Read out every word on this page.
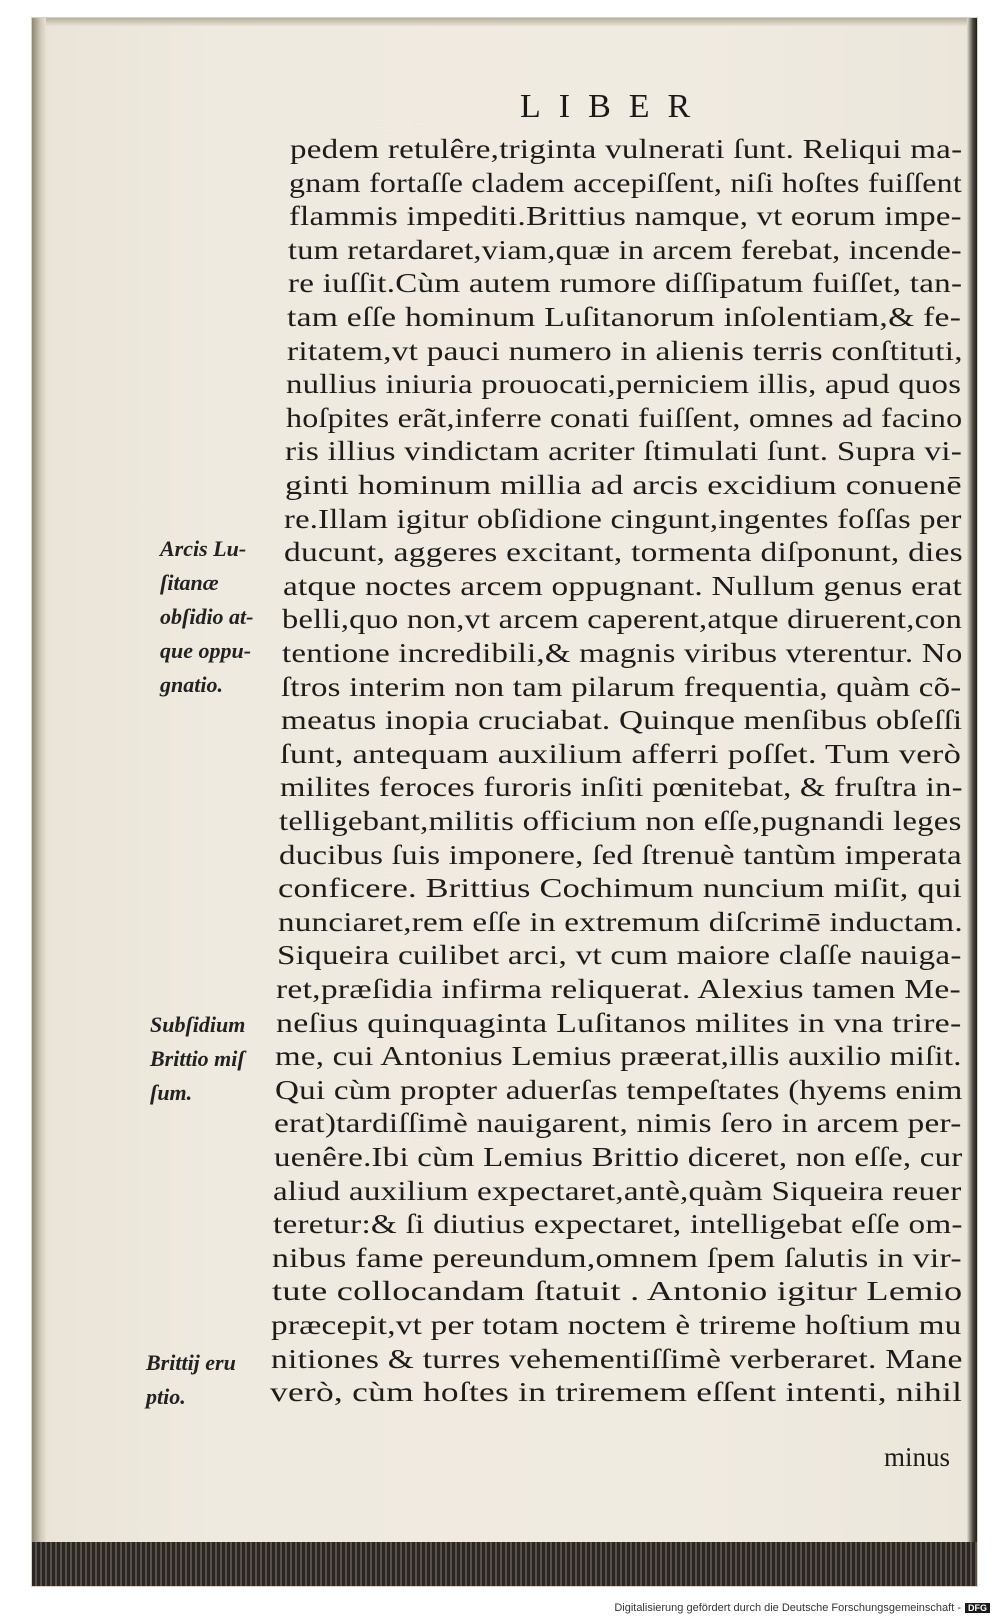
LIBER
pedem retulêre,triginta vulnerati ſunt. Reliqui ma-
gnam fortaſſe cladem accepiſſent, niſi hoſtes fuiſſent
flammis impediti.Brittius namque, vt eorum impe-
tum retardaret,viam,quæ in arcem ferebat, incende-
re iuſſit.Cùm autem rumore diſſipatum fuiſſet, tan-
tam eſſe hominum Luſitanorum inſolentiam,& fe-
ritatem,vt pauci numero in alienis terris conſtituti,
nullius iniuria prouocati,perniciem illis, apud quos
hoſpites erãt,inferre conati fuiſſent, omnes ad facino
ris illius vindictam acriter ſtimulati ſunt. Supra vi-
ginti hominum millia ad arcis excidium conuenē
re.Illam igitur obſidione cingunt,ingentes foſſas per
ducunt, aggeres excitant, tormenta diſponunt, dies
atque noctes arcem oppugnant. Nullum genus erat
belli,quo non,vt arcem caperent,atque diruerent,con
tentione incredibili,& magnis viribus vterentur. No
ſtros interim non tam pilarum frequentia, quàm cõ-
meatus inopia cruciabat. Quinque menſibus obſeſſi
ſunt, antequam auxilium afferri poſſet. Tum verò
milites feroces furoris inſiti pœnitebat, & fruſtra in-
telligebant,militis officium non eſſe,pugnandi leges
ducibus ſuis imponere, ſed ſtrenuè tantùm imperata
conficere. Brittius Cochimum nuncium miſit, qui
nunciaret,rem eſſe in extremum diſcrimē inductam.
Siqueira cuilibet arci, vt cum maiore claſſe nauiga-
ret,præſidia infirma reliquerat. Alexius tamen Me-
neſius quinquaginta Luſitanos milites in vna trire-
me, cui Antonius Lemius præerat,illis auxilio miſit.
Qui cùm propter aduerſas tempeſtates (hyems enim
erat)tardiſſimè nauigarent, nimis ſero in arcem per-
uenêre.Ibi cùm Lemius Brittio diceret, non eſſe, cur
aliud auxilium expectaret,antè,quàm Siqueira reuer
teretur:& ſi diutius expectaret, intelligebat eſſe om-
nibus fame pereundum,omnem ſpem ſalutis in vir-
tute collocandam ſtatuit . Antonio igitur Lemio
præcepit,vt per totam noctem è trireme hoſtium mu
nitiones & turres vehementiſſimè verberaret. Mane
verò, cùm hoſtes in triremem eſſent intenti, nihil
Arcis Lu-
ſitanæ
obſidio at-
que oppu-
gnatio.
Subſidium
Brittio miſ
ſum.
Brittij eru
ptio.
minus
Digitalisierung gefördert durch die Deutsche Forschungsgemeinschaft - DFG
